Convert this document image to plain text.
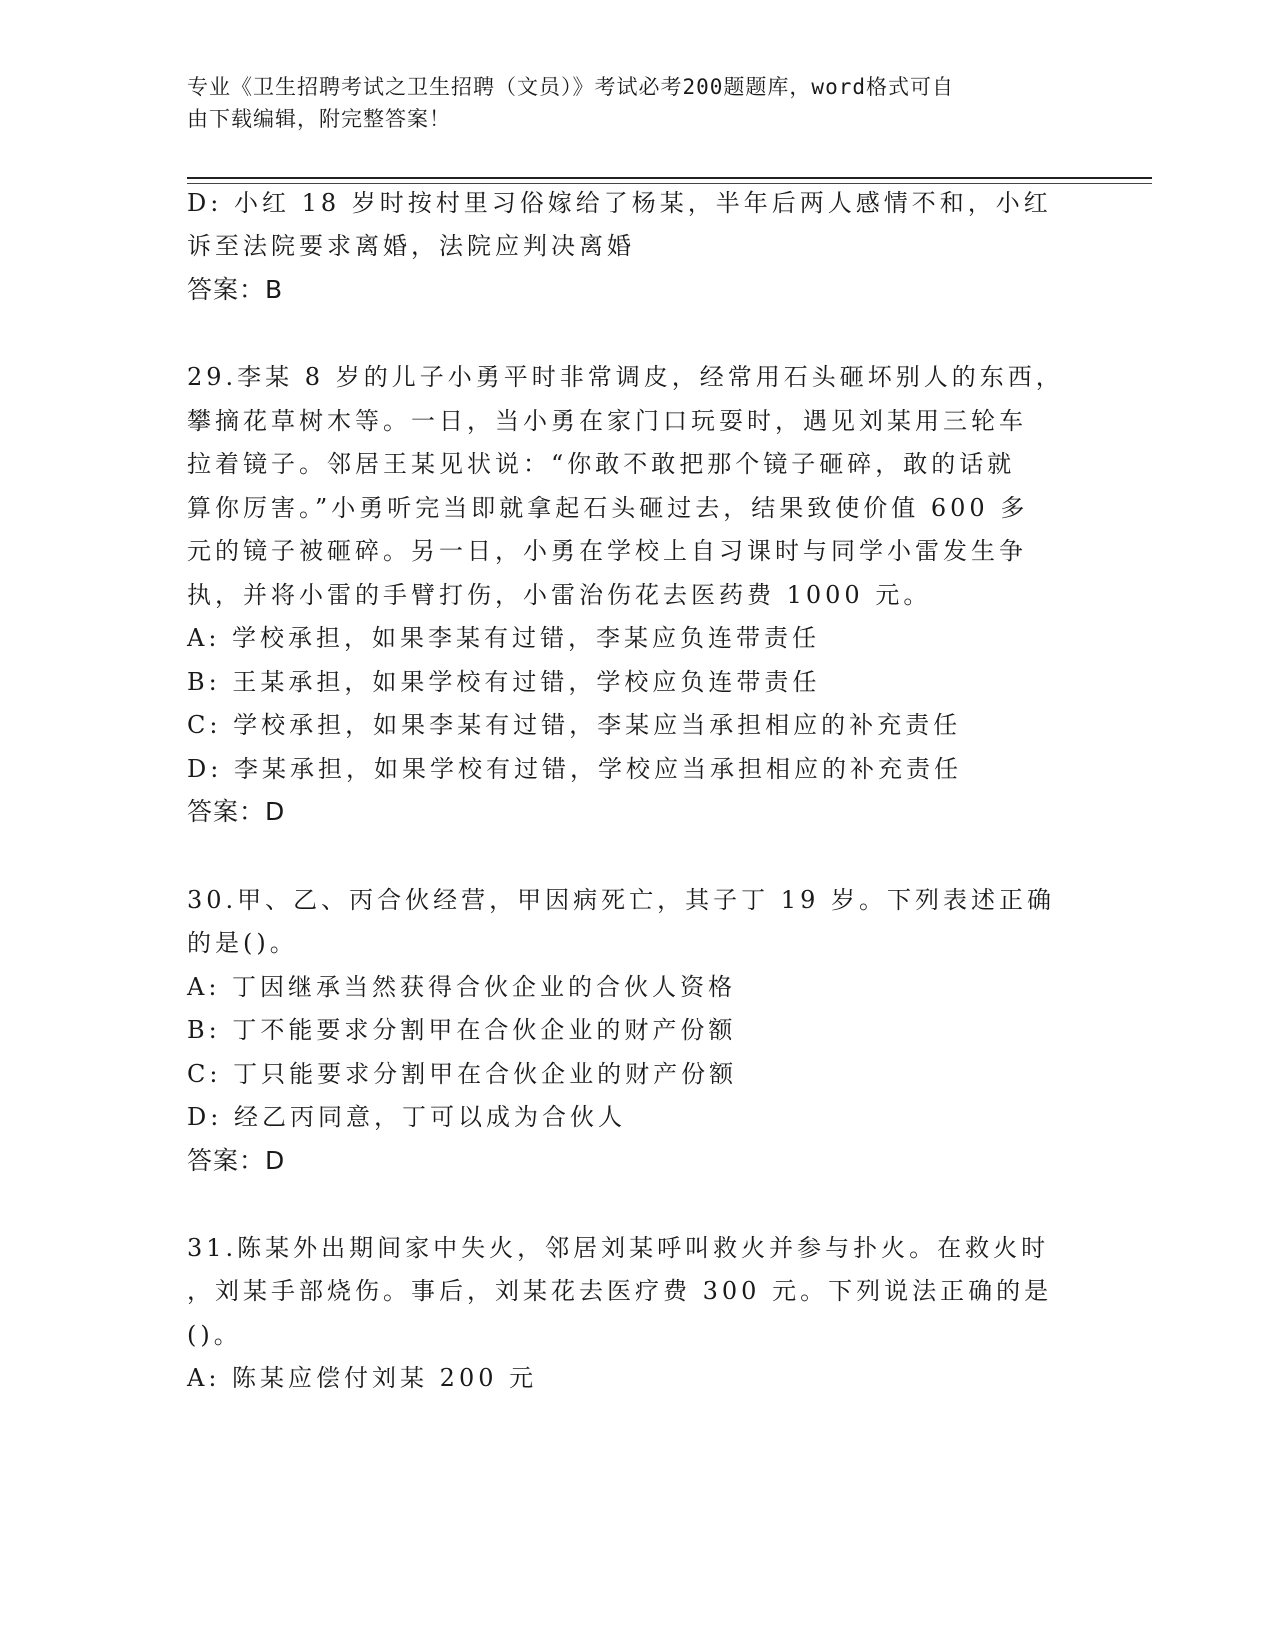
专业《卫生招聘考试之卫生招聘（文员）》考试必考200题题库，word格式可自
由下载编辑，附完整答案！
D: 小红 18 岁时按村里习俗嫁给了杨某，半年后两人感情不和，小红
诉至法院要求离婚，法院应判决离婚
答案：B
29.李某 8 岁的儿子小勇平时非常调皮，经常用石头砸坏别人的东西，
攀摘花草树木等。一日，当小勇在家门口玩耍时，遇见刘某用三轮车
拉着镜子。邻居王某见状说：“你敢不敢把那个镜子砸碎，敢的话就
算你厉害。”小勇听完当即就拿起石头砸过去，结果致使价值 600 多
元的镜子被砸碎。另一日，小勇在学校上自习课时与同学小雷发生争
执，并将小雷的手臂打伤，小雷治伤花去医药费 1000 元。
A: 学校承担，如果李某有过错，李某应负连带责任
B: 王某承担，如果学校有过错，学校应负连带责任
C: 学校承担，如果李某有过错，李某应当承担相应的补充责任
D: 李某承担，如果学校有过错，学校应当承担相应的补充责任
答案：D
30.甲、乙、丙合伙经营，甲因病死亡，其子丁 19 岁。下列表述正确
的是()。
A: 丁因继承当然获得合伙企业的合伙人资格
B: 丁不能要求分割甲在合伙企业的财产份额
C: 丁只能要求分割甲在合伙企业的财产份额
D: 经乙丙同意，丁可以成为合伙人
答案：D
31.陈某外出期间家中失火，邻居刘某呼叫救火并参与扑火。在救火时
，刘某手部烧伤。事后，刘某花去医疗费 300 元。下列说法正确的是
()。
A: 陈某应偿付刘某 200 元
